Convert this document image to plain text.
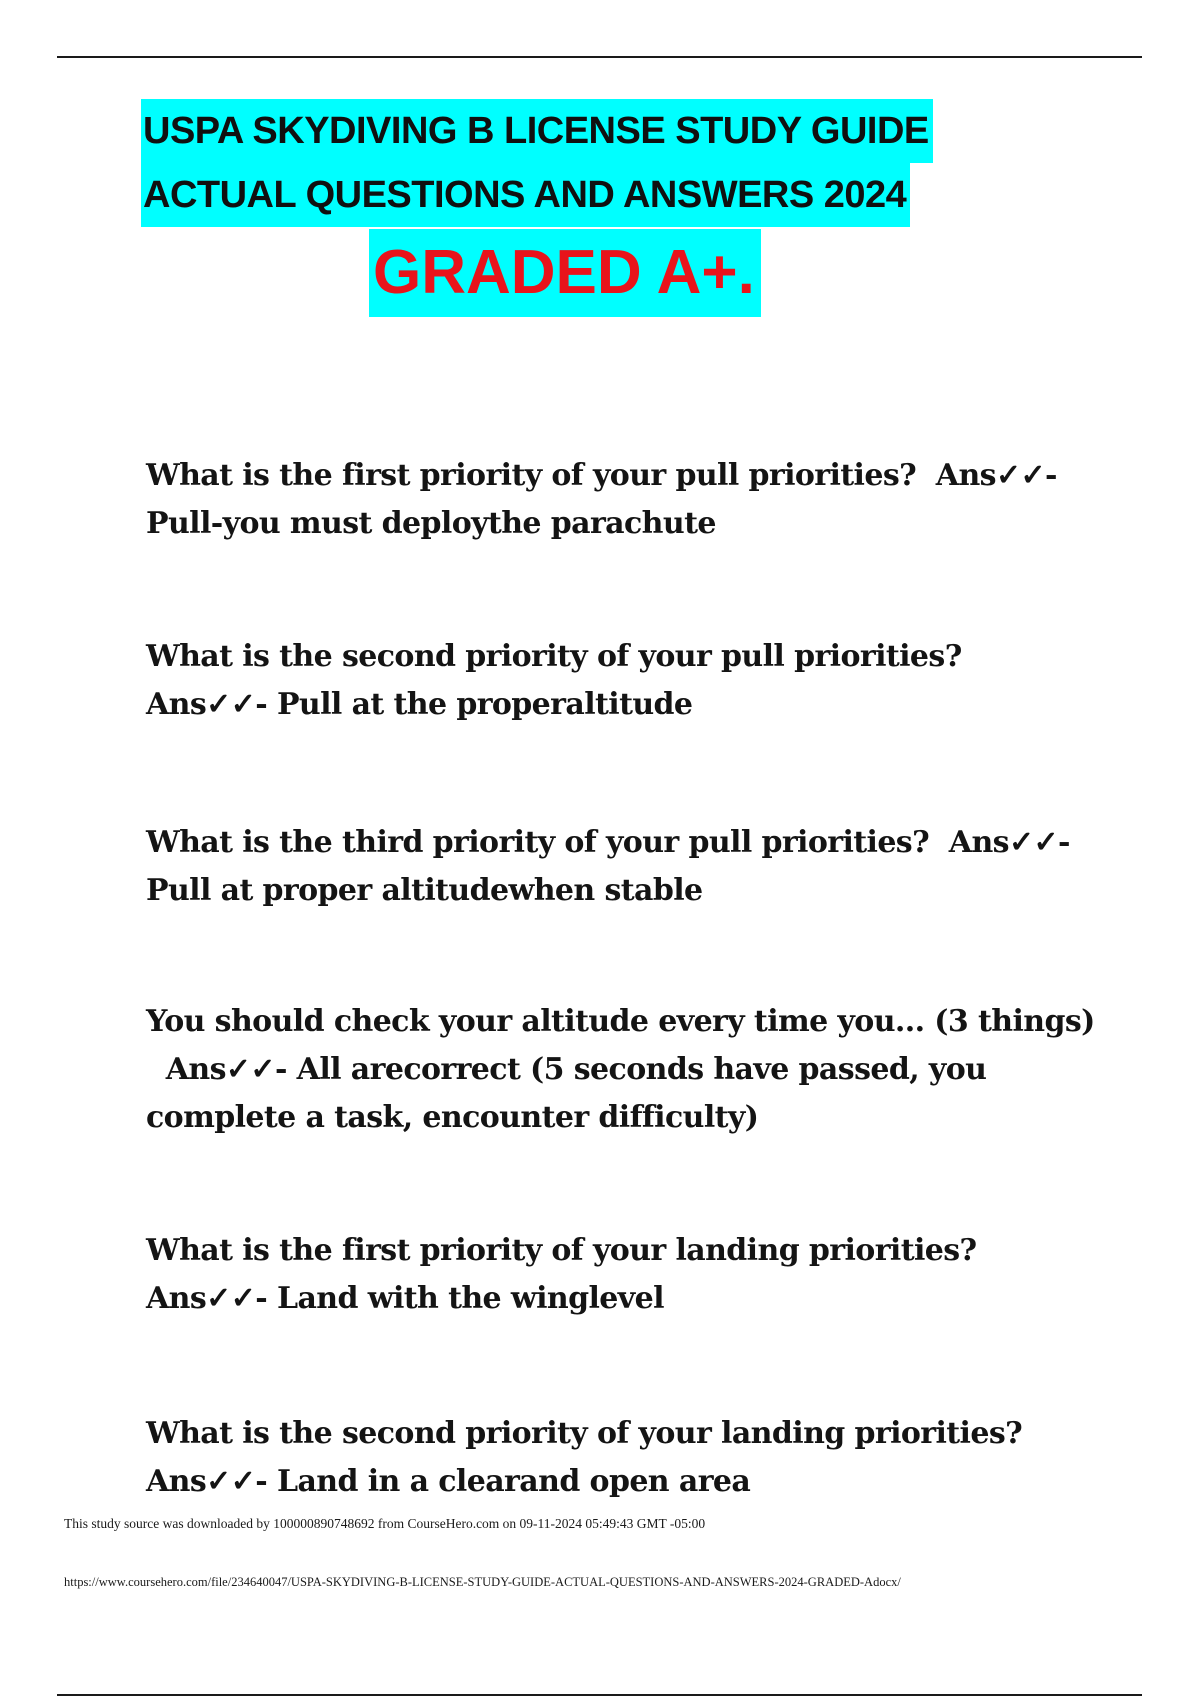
USPA SKYDIVING B LICENSE STUDY GUIDE
ACTUAL QUESTIONS AND ANSWERS 2024
GRADED A+.

What is the first priority of your pull priorities? Ans✓✓-
Pull-you must deploythe parachute

What is the second priority of your pull priorities?
Ans✓✓- Pull at the properaltitude

What is the third priority of your pull priorities? Ans✓✓-
Pull at proper altitudewhen stable

You should check your altitude every time you... (3 things)  Ans✓✓- All arecorrect (5 seconds have passed, you complete a task, encounter difficulty)

What is the first priority of your landing priorities?
Ans✓✓- Land with the winglevel

What is the second priority of your landing priorities?
Ans✓✓- Land in a clearand open area

This study source was downloaded by 100000890748692 from CourseHero.com on 09-11-2024 05:49:43 GMT -05:00
https://www.coursehero.com/file/234640047/USPA-SKYDIVING-B-LICENSE-STUDY-GUIDE-ACTUAL-QUESTIONS-AND-ANSWERS-2024-GRADED-Adocx/
